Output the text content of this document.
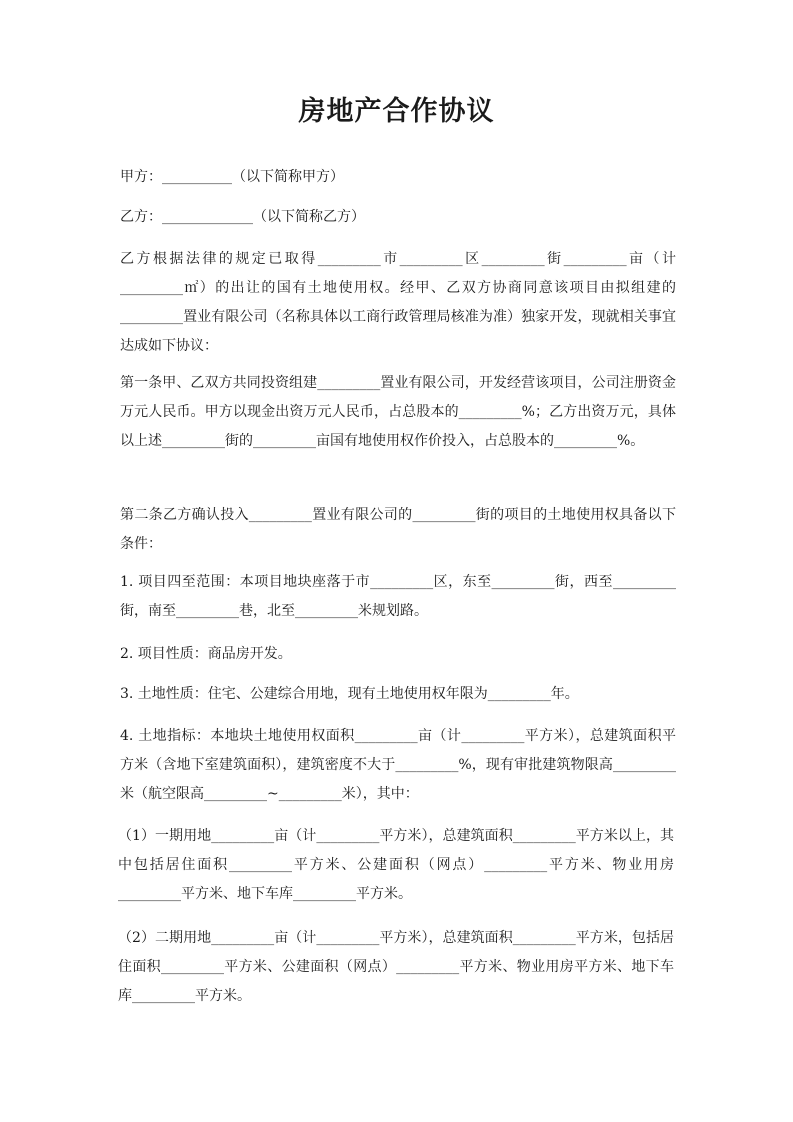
房地产合作协议
甲方：__________（以下简称甲方）
乙方：_____________（以下简称乙方）
乙方根据法律的规定已取得_________市_________区_________街_________亩（计_________㎡）的出让的国有土地使用权。经甲、乙双方协商同意该项目由拟组建的_________置业有限公司（名称具体以工商行政管理局核准为准）独家开发，现就相关事宜达成如下协议：
第一条甲、乙双方共同投资组建_________置业有限公司，开发经营该项目，公司注册资金万元人民币。甲方以现金出资万元人民币，占总股本的_________%；乙方出资万元，具体以上述_________街的_________亩国有地使用权作价投入，占总股本的_________%。
第二条乙方确认投入_________置业有限公司的_________街的项目的土地使用权具备以下条件：
1. 项目四至范围：本项目地块座落于市_________区，东至_________街，西至_________街，南至_________巷，北至_________米规划路。
2. 项目性质：商品房开发。
3. 土地性质：住宅、公建综合用地，现有土地使用权年限为_________年。
4. 土地指标：本地块土地使用权面积_________亩（计_________平方米），总建筑面积平方米（含地下室建筑面积），建筑密度不大于_________%，现有审批建筑物限高_________米（航空限高_________~_________米），其中：
（1）一期用地_________亩（计_________平方米），总建筑面积_________平方米以上，其中包括居住面积_________平方米、公建面积（网点）_________平方米、物业用房_________平方米、地下车库_________平方米。
（2）二期用地_________亩（计_________平方米），总建筑面积_________平方米，包括居住面积_________平方米、公建面积（网点）_________平方米、物业用房平方米、地下车库_________平方米。
